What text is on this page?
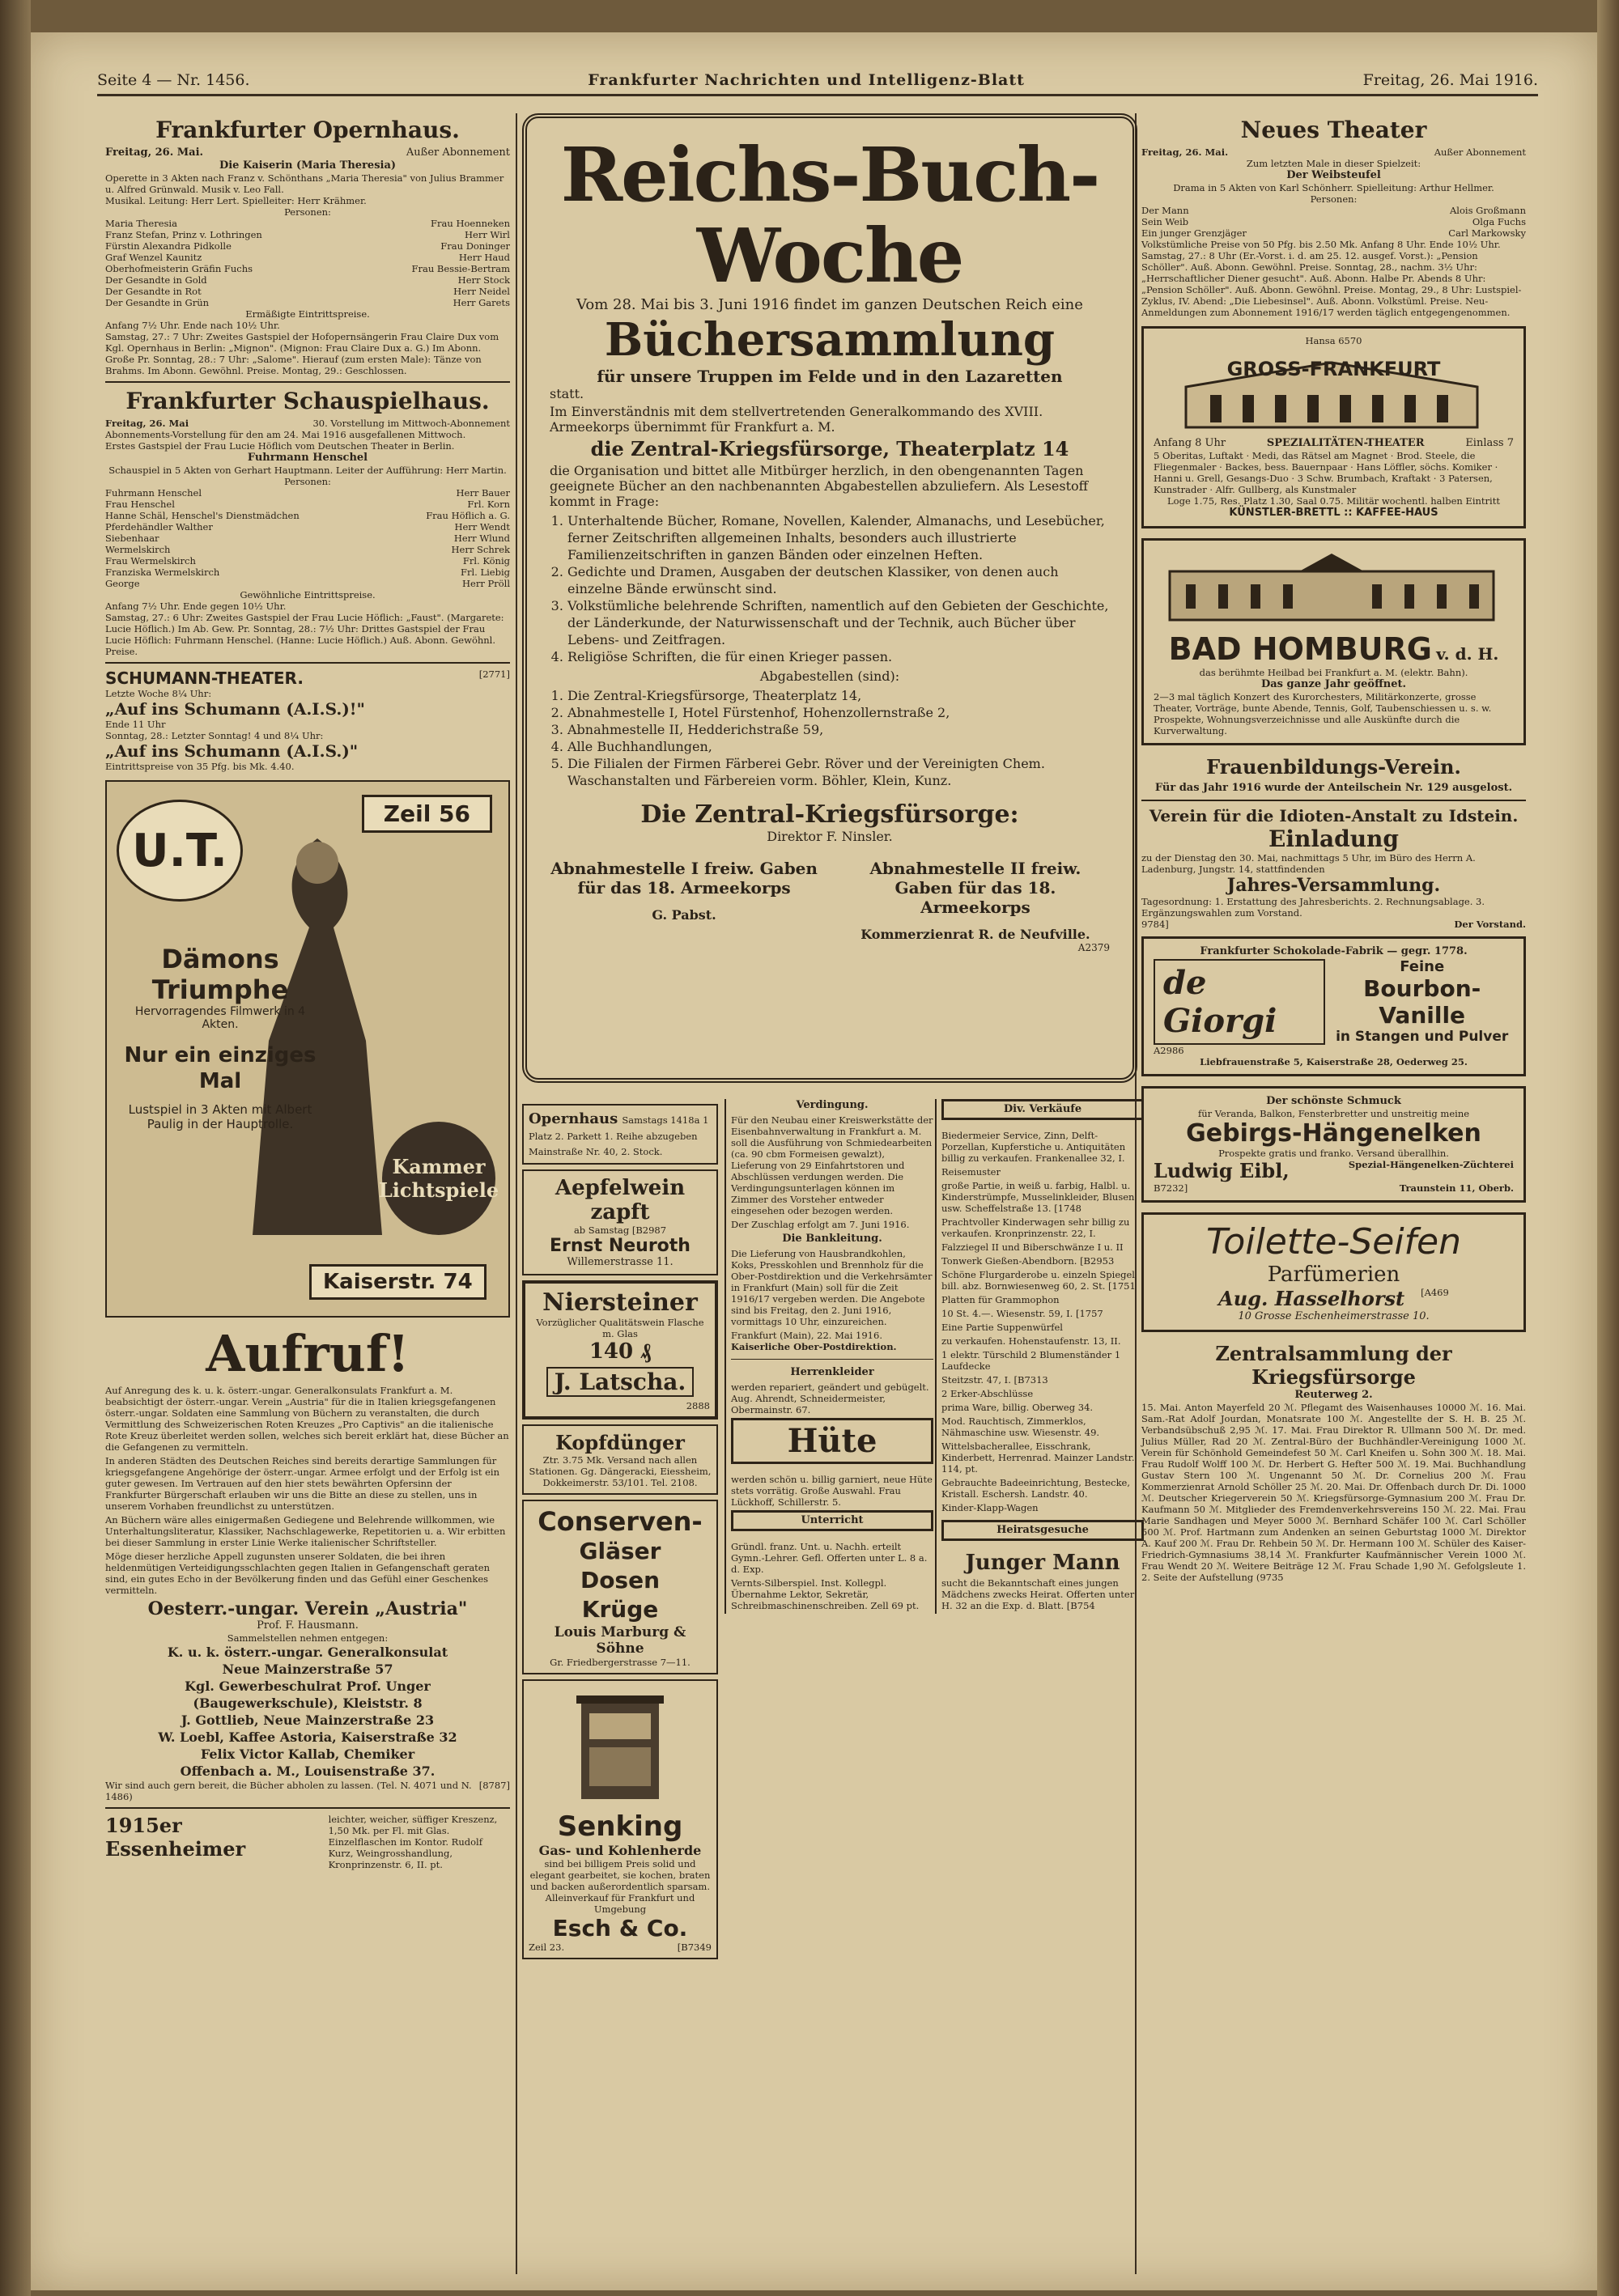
Seite 4 — Nr. 1456.	Frankfurter Nachrichten und Intelligenz-Blatt	Freitag, 26. Mai 1916.
Frankfurter Opernhaus.
Freitag, 26. Mai.	Außer Abonnement
Die Kaiserin (Maria Theresia)
Operette in 3 Akten nach Franz v. Schönthans „Maria Theresia" von Julius Brammer u. Alfred Grünwald. Musik v. Leo Fall.
Musikal. Leitung: Herr Lert. Spielleiter: Herr Krähmer.
Personen:
Maria Theresia	Frau Hoenneken
Franz Stefan, Prinz v. Lothringen	Herr Wirl
Fürstin Alexandra Pidkolle	Frau Doninger
Graf Wenzel Kaunitz	Herr Haud
Oberhofmeisterin Gräfin Fuchs	Frau Bessie-Bertram
Der Gesandte in Gold	Herr Stock
Der Gesandte in Rot	Herr Neidel
Der Gesandte in Grün	Herr Garets
Ermäßigte Eintrittspreise.
Anfang 7½ Uhr. Ende nach 10½ Uhr.
Samstag, 27.: 7 Uhr: Zweites Gastspiel der Hofopernsängerin Frau Claire Dux vom Kgl. Opernhaus in Berlin: „Mignon". (Mignon: Frau Claire Dux a. G.) Im Abonn. Große Pr. Sonntag, 28.: 7 Uhr: „Salome". Hierauf (zum ersten Male): Tänze von Brahms. Im Abonn. Gewöhnl. Preise. Montag, 29.: Geschlossen.
Frankfurter Schauspielhaus.
Freitag, 26. Mai	30. Vorstellung im Mittwoch-Abonnement
Abonnements-Vorstellung für den am 24. Mai 1916 ausgefallenen Mittwoch.
Erstes Gastspiel der Frau Lucie Höflich vom Deutschen Theater in Berlin.
Fuhrmann Henschel
Schauspiel in 5 Akten von Gerhart Hauptmann. Leiter der Aufführung: Herr Martin.
Personen:
Fuhrmann Henschel	Herr Bauer
Frau Henschel	Frl. Korn
Hanne Schäl, Henschel's Dienstmädchen	Frau Höflich a. G.
Pferdehändler Walther	Herr Wendt
Siebenhaar	Herr Wlund
Wermelskirch	Herr Schrek
Frau Wermelskirch	Frl. König
Franziska Wermelskirch	Frl. Liebig
George	Herr Pröll
Gewöhnliche Eintrittspreise.
Anfang 7½ Uhr. Ende gegen 10½ Uhr.
Samstag, 27.: 6 Uhr: Zweites Gastspiel der Frau Lucie Höflich: „Faust". (Margarete: Lucie Höflich.) Im Ab. Gew. Pr. Sonntag, 28.: 7½ Uhr: Drittes Gastspiel der Frau Lucie Höflich: Fuhrmann Henschel. (Hanne: Lucie Höflich.) Auß. Abonn. Gewöhnl. Preise.
SCHUMANN-THEATER.	[2771]
Letzte Woche 8¼ Uhr:
„Auf ins Schumann (A.I.S.)!"
Ende 11 Uhr
Sonntag, 28.: Letzter Sonntag! 4 und 8¼ Uhr:
„Auf ins Schumann (A.I.S.)"
Eintrittspreise von 35 Pfg. bis Mk. 4.40.
U.T.
Zeil 56
Dämons Triumphe
Hervorragendes Filmwerk in 4 Akten.
Nur ein einziges Mal
Lustspiel in 3 Akten mit Albert Paulig in der Hauptrolle.
Kammer Lichtspiele
Kaiserstr. 74
Aufruf!

Auf Anregung des k. u. k. österr.-ungar. Generalkonsulats Frankfurt a. M. beabsichtigt der österr.-ungar. Verein „Austria" für die in Italien kriegsgefangenen österr.-ungar. Soldaten eine Sammlung von Büchern zu veranstalten, die durch Vermittlung des Schweizerischen Roten Kreuzes „Pro Captivis" an die italienische Rote Kreuz überleitet werden sollen, welches sich bereit erklärt hat, diese Bücher an die Gefangenen zu vermitteln.

In anderen Städten des Deutschen Reiches sind bereits derartige Sammlungen für kriegsgefangene Angehörige der österr.-ungar. Armee erfolgt und der Erfolg ist ein guter gewesen. Im Vertrauen auf den hier stets bewährten Opfersinn der Frankfurter Bürgerschaft erlauben wir uns die Bitte an diese zu stellen, uns in unserem Vorhaben freundlichst zu unterstützen.

An Büchern wäre alles einigermaßen Gediegene und Belehrende willkommen, wie Unterhaltungsliteratur, Klassiker, Nachschlagewerke, Repetitorien u. a. Wir erbitten bei dieser Sammlung in erster Linie Werke italienischer Schriftsteller.

Möge dieser herzliche Appell zugunsten unserer Soldaten, die bei ihren heldenmütigen Verteidigungsschlachten gegen Italien in Gefangenschaft geraten sind, ein gutes Echo in der Bevölkerung finden und das Gefühl einer Geschenkes vermitteln.

Oesterr.-ungar. Verein „Austria"
Prof. F. Hausmann.
Sammelstellen nehmen entgegen:
K. u. k. österr.-ungar. Generalkonsulat
Neue Mainzerstraße 57
Kgl. Gewerbeschulrat Prof. Unger
(Baugewerkschule), Kleiststr. 8
J. Gottlieb, Neue Mainzerstraße 23
W. Loebl, Kaffee Astoria, Kaiserstraße 32
Felix Victor Kallab, Chemiker
Offenbach a. M., Louisenstraße 37.
Wir sind auch gern bereit, die Bücher abholen zu lassen. (Tel. N. 4071 und N. 1486)
[8787]
1915er Essenheimer
leichter, weicher, süffiger Kreszenz, 1,50 Mk. per Fl. mit Glas. Einzelflaschen im Kontor. Rudolf Kurz, Weingrosshandlung, Kronprinzenstr. 6, II. pt.
Reichs-Buch-Woche
Vom 28. Mai bis 3. Juni 1916 findet im ganzen Deutschen Reich eine
Büchersammlung
für unsere Truppen im Felde und in den Lazaretten
statt.

Im Einverständnis mit dem stellvertretenden Generalkommando des XVIII. Armeekorps übernimmt für Frankfurt a. M.

die Zentral-Kriegsfürsorge, Theaterplatz 14

die Organisation und bittet alle Mitbürger herzlich, in den obengenannten Tagen geeignete Bücher an den nachbenannten Abgabestellen abzuliefern. Als Lesestoff kommt in Frage:

1. Unterhaltende Bücher, Romane, Novellen, Kalender, Almanachs, und Lesebücher, ferner Zeitschriften allgemeinen Inhalts, besonders auch illustrierte Familienzeitschriften in ganzen Bänden oder einzelnen Heften.
2. Gedichte und Dramen, Ausgaben der deutschen Klassiker, von denen auch einzelne Bände erwünscht sind.
3. Volkstümliche belehrende Schriften, namentlich auf den Gebieten der Geschichte, der Länderkunde, der Naturwissenschaft und der Technik, auch Bücher über Lebens- und Zeitfragen.
4. Religiöse Schriften, die für einen Krieger passen.
Abgabestellen (sind):
1. Die Zentral-Kriegsfürsorge, Theaterplatz 14,
2. Abnahmestelle I, Hotel Fürstenhof, Hohenzollernstraße 2,
3. Abnahmestelle II, Hedderichstraße 59,
4. Alle Buchhandlungen,
5. Die Filialen der Firmen Färberei Gebr. Röver und der Vereinigten Chem. Waschanstalten und Färbereien vorm. Böhler, Klein, Kunz.
Die Zentral-Kriegsfürsorge:
Direktor F. Ninsler.
Abnahmestelle I freiw. Gaben für das 18. Armeekorps
G. Pabst.
Abnahmestelle II freiw. Gaben für das 18. Armeekorps
Kommerzienrat R. de Neufville.
A2379
Opernhaus Samstags 1418a 1 Platz 2. Parkett 1. Reihe abzugeben Mainstraße Nr. 40, 2. Stock.
Aepfelwein zapft
ab Samstag [B2987
Ernst Neuroth
Willemerstrasse 11.
Niersteiner
Vorzüglicher Qualitätswein Flasche m. Glas
140 ₰
J. Latscha.
2888
Kopfdünger
Ztr. 3.75 Mk. Versand nach allen Stationen. Gg. Dängeracki, Eiessheim, Dokkeimerstr. 53/101. Tel. 2108.
Conserven-
Gläser
Dosen
Krüge
Louis Marburg & Söhne
Gr. Friedbergerstrasse 7—11.
Senking
Gas- und Kohlenherde
sind bei billigem Preis solid und elegant gearbeitet, sie kochen, braten und backen außerordentlich sparsam. Alleinverkauf für Frankfurt und Umgebung
Esch & Co.
Zeil 23.	[B7349
Verdingung.

Für den Neubau einer Kreiswerkstätte der Eisenbahnverwaltung in Frankfurt a. M. soll die Ausführung von Schmiedearbeiten (ca. 90 cbm Formeisen gewalzt), Lieferung von 29 Einfahrtstoren und Abschlüssen verdungen werden. Die Verdingungsunterlagen können im Zimmer des Vorsteher entweder eingesehen oder bezogen werden.

Der Zuschlag erfolgt am 7. Juni 1916.

Die Bankleitung.

Die Lieferung von Hausbrandkohlen, Koks, Presskohlen und Brennholz für die Ober-Postdirektion und die Verkehrsämter in Frankfurt (Main) soll für die Zeit 1916/17 vergeben werden. Die Angebote sind bis Freitag, den 2. Juni 1916, vormittags 10 Uhr, einzureichen.

Frankfurt (Main), 22. Mai 1916.
Kaiserliche Ober-Postdirektion.
Herrenkleider

werden repariert, geändert und gebügelt. Aug. Ahrendt, Schneidermeister, Obermainstr. 67.

Hüte

werden schön u. billig garniert, neue Hüte stets vorrätig. Große Auswahl. Frau Lückhoff, Schillerstr. 5.

Unterricht

Gründl. franz. Unt. u. Nachh. erteilt Gymn.-Lehrer. Gefl. Offerten unter L. 8 a. d. Exp.

Vernts-Silberspiel. Inst. Kollegpl. Übernahme Lektor, Sekretär, Schreibmaschinenschreiben. Zell 69 pt.

Div. Verkäufe

Biedermeier Service, Zinn, Delft-Porzellan, Kupferstiche u. Antiquitäten billig zu verkaufen. Frankenallee 32, I.

Reisemuster

große Partie, in weiß u. farbig, Halbl. u. Kinderstrümpfe, Musselinkleider, Blusen usw. Scheffelstraße 13. [1748

Prachtvoller Kinderwagen sehr billig zu verkaufen. Kronprinzenstr. 22, I.

Falzziegel II und Biberschwänze I u. II

Tonwerk Gießen-Abendborn. [B2953

Schöne Flurgarderobe u. einzeln Spiegel bill. abz. Bornwiesenweg 60, 2. St. [1751

Platten für Grammophon

10 St. 4.—. Wiesenstr. 59, I. [1757

Eine Partie Suppenwürfel

zu verkaufen. Hohenstaufenstr. 13, II.

1 elektr. Türschild 2 Blumenständer 1 Laufdecke

Steitzstr. 47, I. [B7313

2 Erker-Abschlüsse

prima Ware, billig. Oberweg 34.

Mod. Rauchtisch, Zimmerklos, Nähmaschine usw. Wiesenstr. 49.

Wittelsbacherallee, Eisschrank, Kinderbett, Herrenrad. Mainzer Landstr. 114, pt.

Gebrauchte Badeeinrichtung, Bestecke, Kristall. Eschersh. Landstr. 40.

Kinder-Klapp-Wagen

Heiratsgesuche
Junger Mann

sucht die Bekanntschaft eines jungen Mädchens zwecks Heirat. Offerten unter H. 32 an die Exp. d. Blatt. [B754

Neues Theater
Freitag, 26. Mai.	Außer Abonnement
Zum letzten Male in dieser Spielzeit:
Der Weibsteufel
Drama in 5 Akten von Karl Schönherr. Spielleitung: Arthur Hellmer.
Personen:
Der Mann	Alois Großmann
Sein Weib	Olga Fuchs
Ein junger Grenzjäger	Carl Markowsky
Volkstümliche Preise von 50 Pfg. bis 2.50 Mk. Anfang 8 Uhr. Ende 10½ Uhr. Samstag, 27.: 8 Uhr (Er.-Vorst. i. d. am 25. 12. ausgef. Vorst.): „Pension Schöller". Auß. Abonn. Gewöhnl. Preise. Sonntag, 28., nachm. 3½ Uhr: „Herrschaftlicher Diener gesucht". Auß. Abonn. Halbe Pr. Abends 8 Uhr: „Pension Schöller". Auß. Abonn. Gewöhnl. Preise. Montag, 29., 8 Uhr: Lustspiel-Zyklus, IV. Abend: „Die Liebesinsel". Auß. Abonn. Volkstüml. Preise. Neu-Anmeldungen zum Abonnement 1916/17 werden täglich entgegengenommen.
Hansa 6570
GROSS-FRANKFURT
Anfang 8 Uhr	SPEZIALITÄTEN-THEATER	Einlass 7
5 Oberitas, Luftakt · Medi, das Rätsel am Magnet · Brod. Steele, die Fliegenmaler · Backes, bess. Bauernpaar · Hans Löffler, söchs. Komiker · Hanni u. Grell, Gesangs-Duo · 3 Schw. Brumbach, Kraftakt · 3 Patersen, Kunstrader · Alfr. Gullberg, als Kunstmaler
Loge 1.75, Res. Platz 1.30, Saal 0.75. Militär wochentl. halben Eintritt
KÜNSTLER-BRETTL :: KAFFEE-HAUS
BAD HOMBURG v. d. H.
das berühmte Heilbad bei Frankfurt a. M. (elektr. Bahn).
Das ganze Jahr geöffnet.
2—3 mal täglich Konzert des Kurorchesters, Militärkonzerte, grosse Theater, Vorträge, bunte Abende, Tennis, Golf, Taubenschiessen u. s. w. Prospekte, Wohnungsverzeichnisse und alle Auskünfte durch die Kurverwaltung.
Frauenbildungs-Verein.
Für das Jahr 1916 wurde der Anteilschein Nr. 129 ausgelost.
Verein für die Idioten-Anstalt zu Idstein.
Einladung
zu der Dienstag den 30. Mai, nachmittags 5 Uhr, im Büro des Herrn A. Ladenburg, Jungstr. 14, stattfindenden
Jahres-Versammlung.
Tagesordnung: 1. Erstattung des Jahresberichts. 2. Rechnungsablage. 3. Ergänzungswahlen zum Vorstand.
9784]	Der Vorstand.
Frankfurter Schokolade-Fabrik — gegr. 1778.
de Giorgi
Feine
Bourbon-Vanille
in Stangen und Pulver
A2986
Liebfrauenstraße 5, Kaiserstraße 28, Oederweg 25.
Der schönste Schmuck
für Veranda, Balkon, Fensterbretter und unstreitig meine
Gebirgs-Hängenelken
Prospekte gratis und franko. Versand überallhin.
Ludwig Eibl,	Spezial-Hängenelken-Züchterei
B7232]	Traunstein 11, Oberb.
Toilette-Seifen
Parfümerien
Aug. Hasselhorst [A469
10 Grosse Eschenheimerstrasse 10.
Zentralsammlung der Kriegsfürsorge
Reuterweg 2.
15. Mai. Anton Mayerfeld 20 ℳ. Pflegamt des Waisenhauses 10000 ℳ. 16. Mai. Sam.-Rat Adolf Jourdan, Monatsrate 100 ℳ. Angestellte der S. H. B. 25 ℳ. Verbandsübschuß 2,95 ℳ. 17. Mai. Frau Direktor R. Ullmann 500 ℳ. Dr. med. Julius Müller, Rad 20 ℳ. Zentral-Büro der Buchhändler-Vereinigung 1000 ℳ. Verein für Schönhold Gemeindefest 50 ℳ. Carl Kneifen u. Sohn 300 ℳ. 18. Mai. Frau Rudolf Wolff 100 ℳ. Dr. Herbert G. Hefter 500 ℳ. 19. Mai. Buchhandlung Gustav Stern 100 ℳ. Ungenannt 50 ℳ. Dr. Cornelius 200 ℳ. Frau Kommerzienrat Arnold Schöller 25 ℳ. 20. Mai. Dr. Offenbach durch Dr. Di. 1000 ℳ. Deutscher Kriegerverein 50 ℳ. Kriegsfürsorge-Gymnasium 200 ℳ. Frau Dr. Kaufmann 50 ℳ. Mitglieder des Fremdenverkehrsvereins 150 ℳ. 22. Mai. Frau Marie Sandhagen und Meyer 5000 ℳ. Bernhard Schäfer 100 ℳ. Carl Schöller 500 ℳ. Prof. Hartmann zum Andenken an seinen Geburtstag 1000 ℳ. Direktor A. Kauf 200 ℳ. Frau Dr. Rehbein 50 ℳ. Dr. Hermann 100 ℳ. Schüler des Kaiser-Friedrich-Gymnasiums 38,14 ℳ. Frankfurter Kaufmännischer Verein 1000 ℳ. Frau Wendt 20 ℳ. Weitere Beiträge 12 ℳ. Frau Schade 1,90 ℳ. Gefolgsleute 1. 2. Seite der Aufstellung (9735
